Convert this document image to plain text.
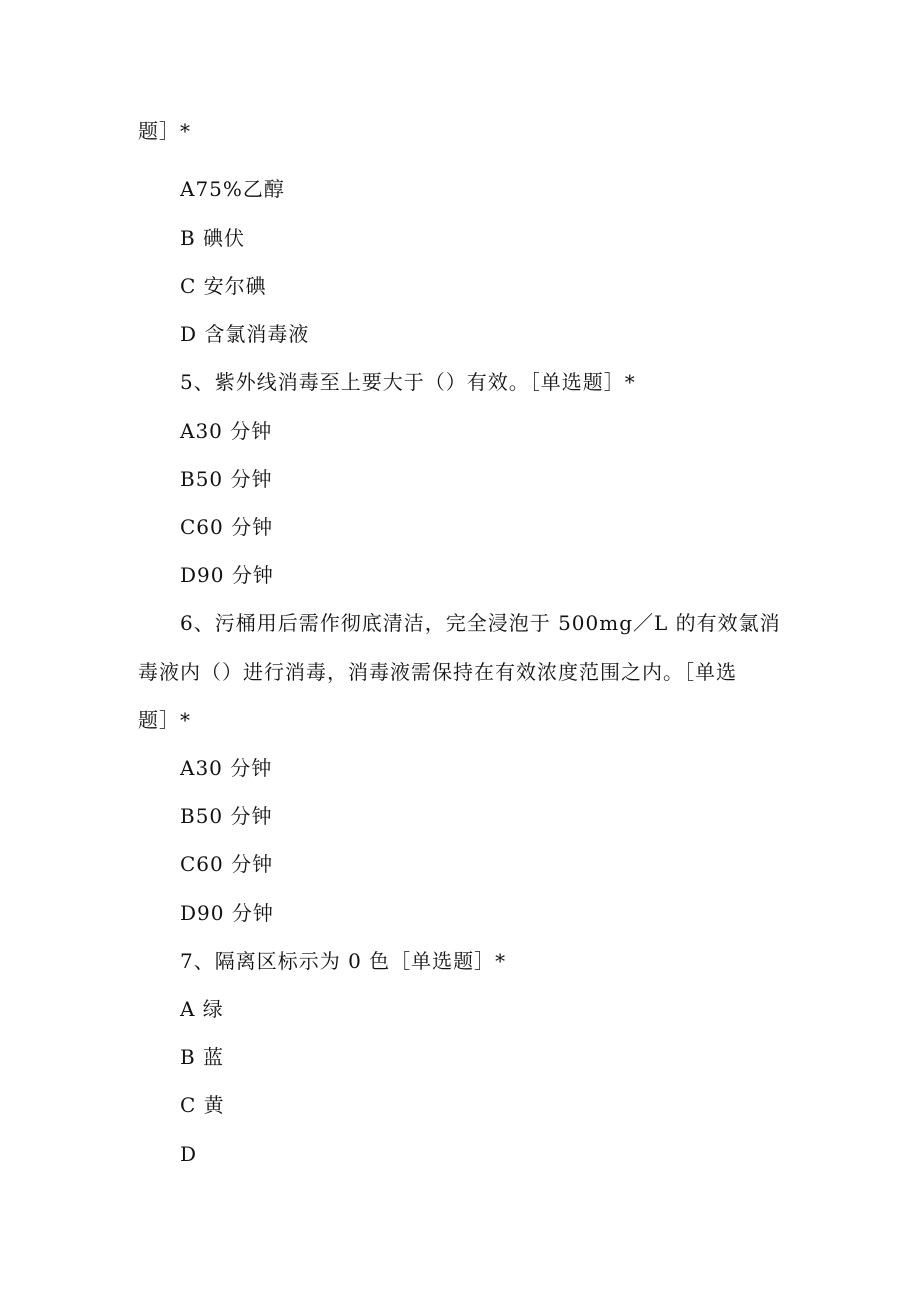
题］*
A75%乙醇
B 碘伏
C 安尔碘
D 含氯消毒液
5、紫外线消毒至上要大于（）有效。［单选题］*
A30 分钟
B50 分钟
C60 分钟
D90 分钟
6、污桶用后需作彻底清洁，完全浸泡于 500mg／L 的有效氯消
毒液内（）进行消毒，消毒液需保持在有效浓度范围之内。［单选
题］*
A30 分钟
B50 分钟
C60 分钟
D90 分钟
7、隔离区标示为 0 色［单选题］*
A 绿
B 蓝
C 黄
D
